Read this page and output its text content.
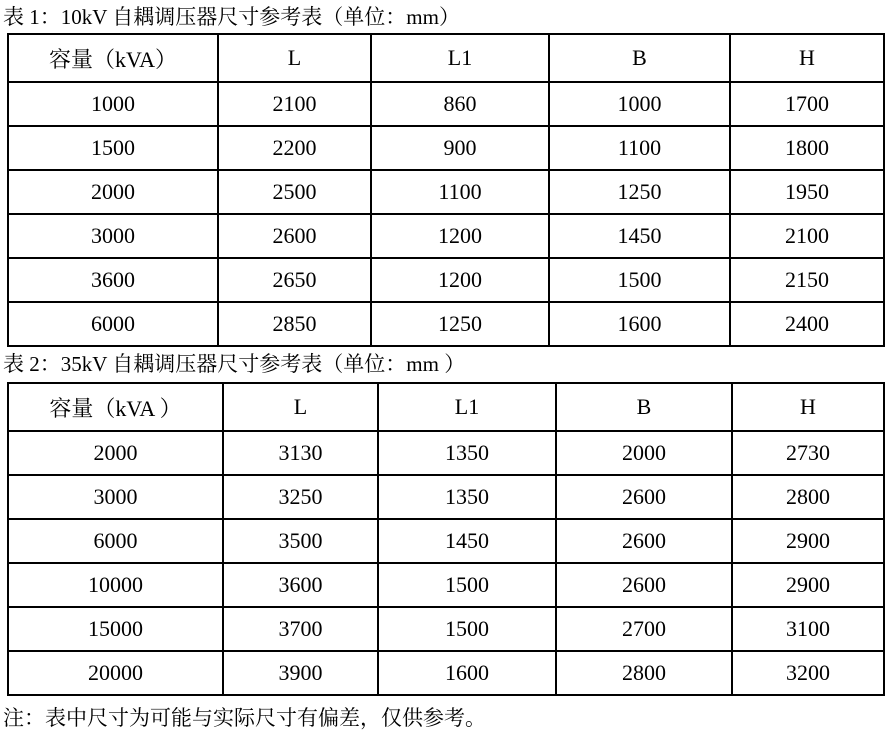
表 1：10kV 自耦调压器尺寸参考表（单位：mm）
容量（kVA）	L	L1	B	H
1000	2100	860	1000	1700
1500	2200	900	1100	1800
2000	2500	1100	1250	1950
3000	2600	1200	1450	2100
3600	2650	1200	1500	2150
6000	2850	1250	1600	2400
表 2：35kV 自耦调压器尺寸参考表（单位：mm ）
容量（kVA ）	L	L1	B	H
2000	3130	1350	2000	2730
3000	3250	1350	2600	2800
6000	3500	1450	2600	2900
10000	3600	1500	2600	2900
15000	3700	1500	2700	3100
20000	3900	1600	2800	3200
注：表中尺寸为可能与实际尺寸有偏差，仅供参考。
